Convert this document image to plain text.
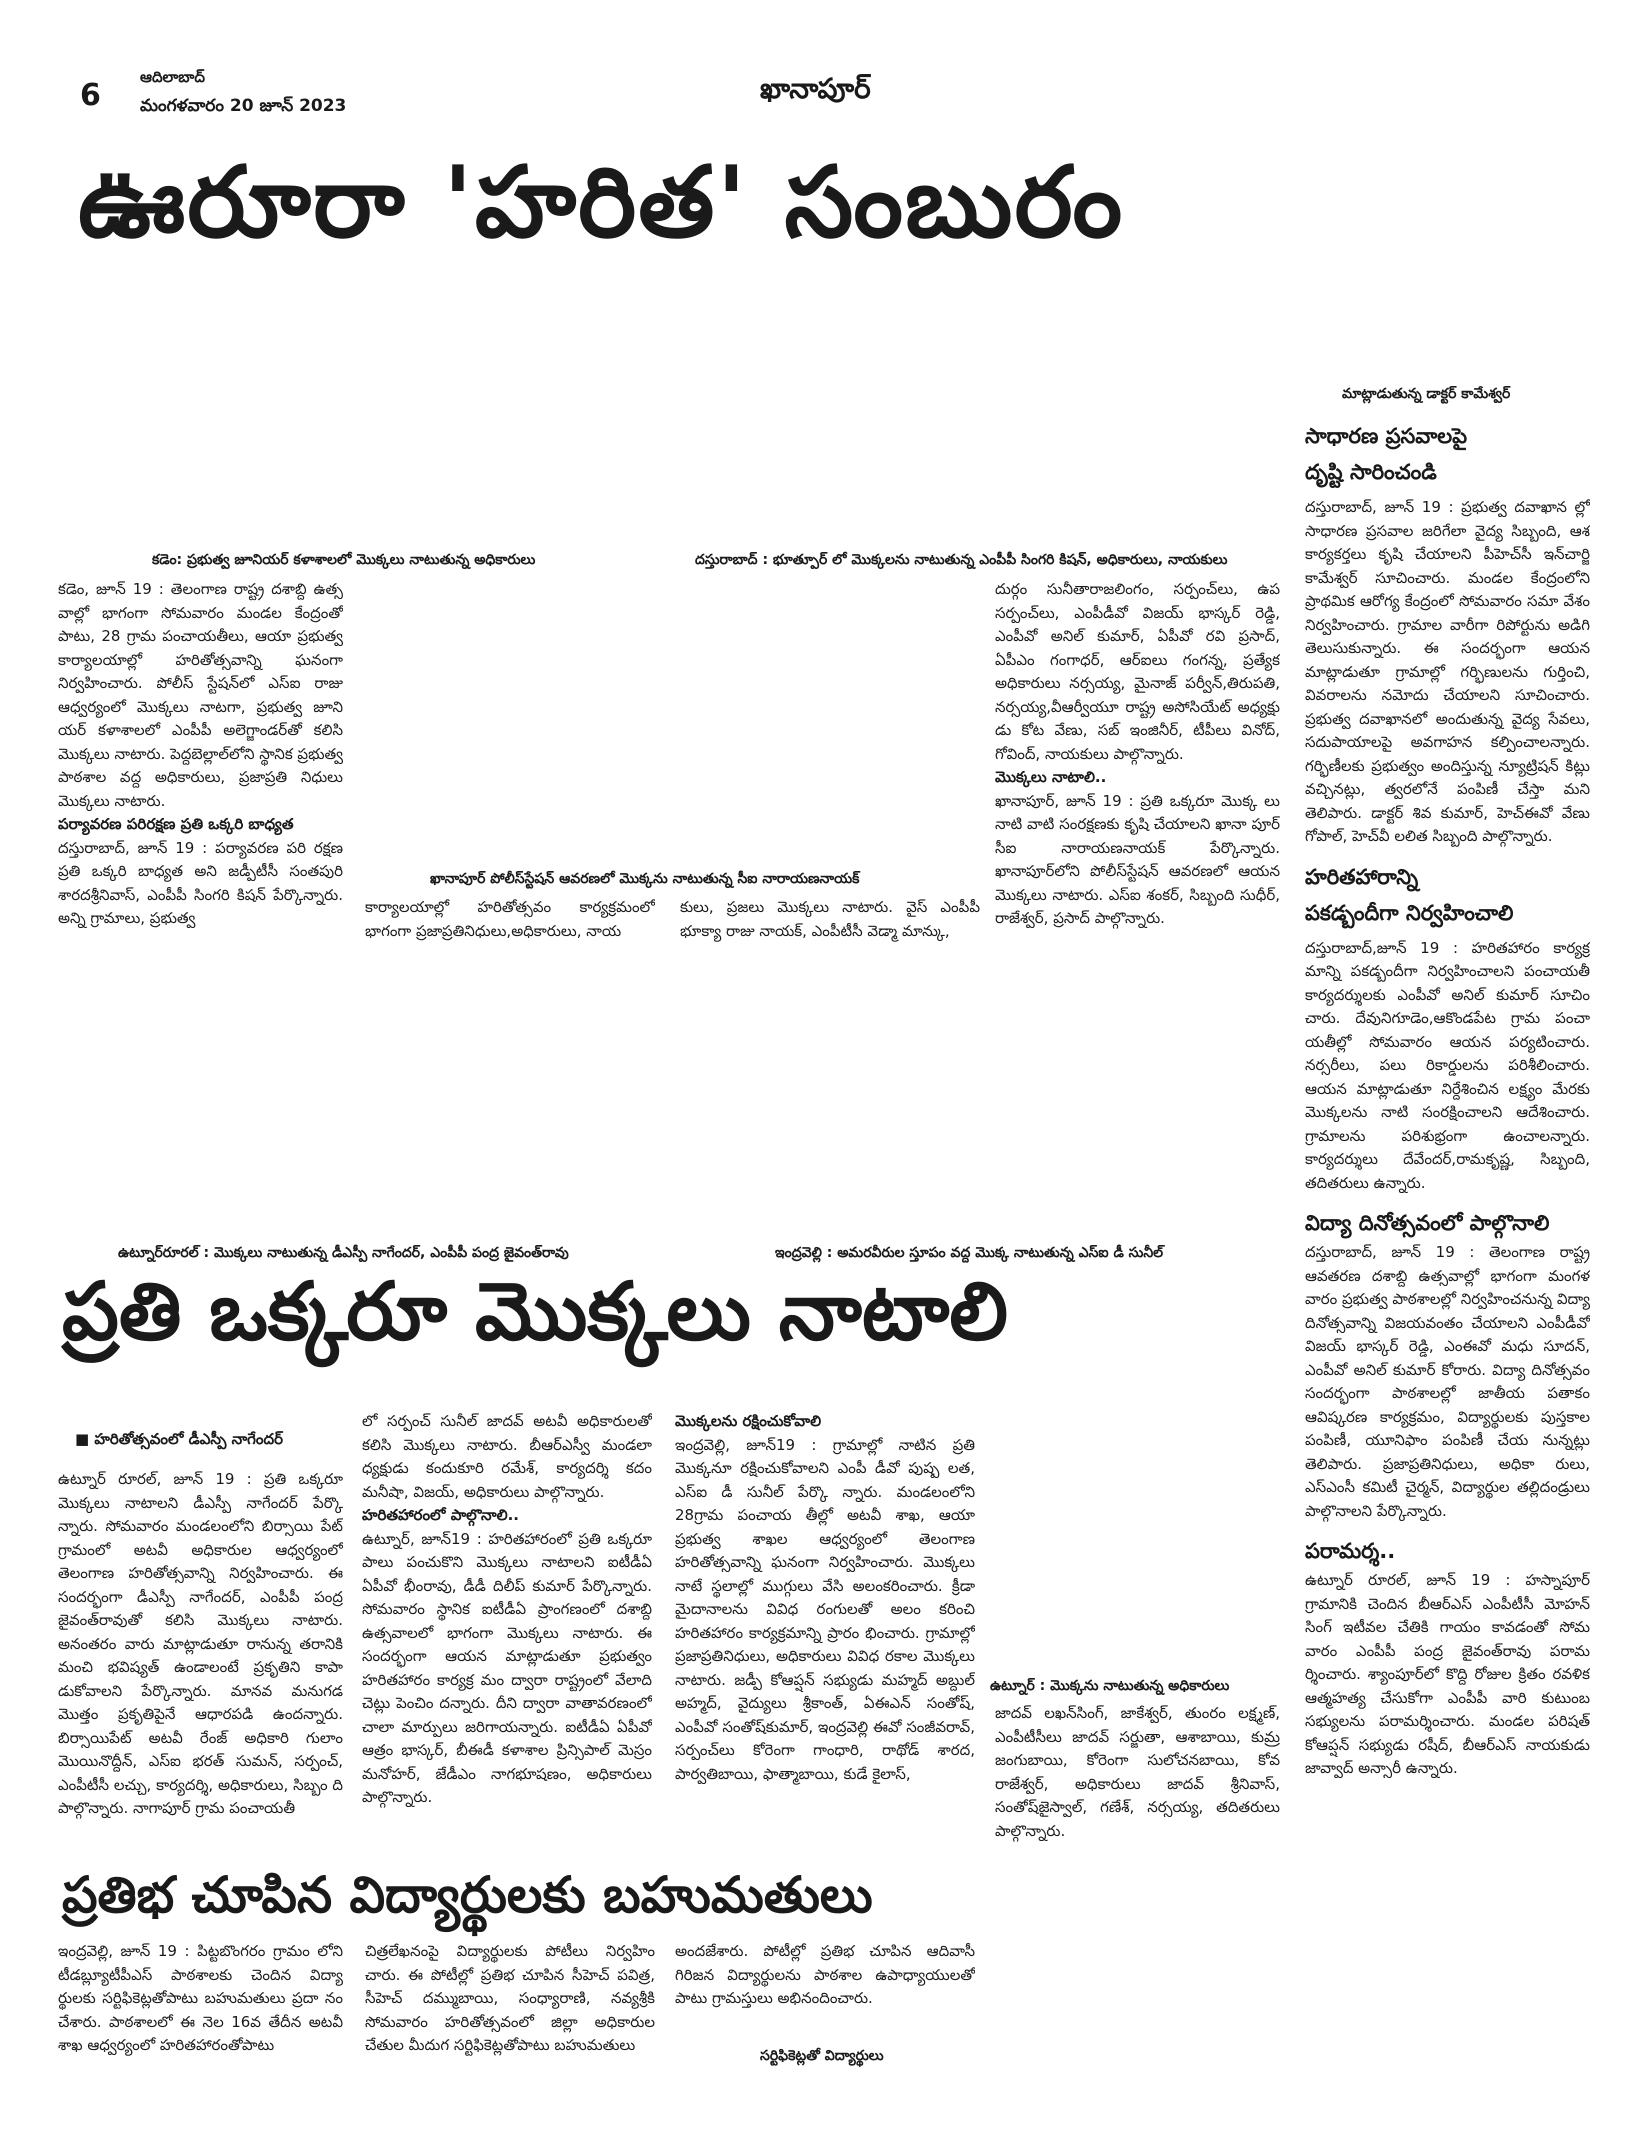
6
ఆదిలాబాద్
మంగళవారం 20 జూన్ 2023
ఖానాపూర్
ఊరూరా 'హరిత' సంబురం
మాట్లాడుతున్న డాక్టర్ కామేశ్వర్
కడెం: ప్రభుత్వ జూనియర్ కళాశాలలో మొక్కలు నాటుతున్న అధికారులు	దస్తురాబాద్ : భూత్పూర్ లో మొక్కలను నాటుతున్న ఎంపీపీ సింగరి కిషన్, అధికారులు, నాయకులు
ఖానాపూర్ పోలీస్‌స్టేషన్ ఆవరణలో మొక్కను నాటుతున్న సీఐ నారాయణనాయక్
కడెం, జూన్ 19 : తెలంగాణ రాష్ట్ర దశాబ్ది ఉత్స వాల్లో భాగంగా సోమవారం మండల కేంద్రంతో పాటు, 28 గ్రామ పంచాయతీలు, ఆయా ప్రభుత్వ కార్యాలయాల్లో హరితోత్సవాన్ని ఘనంగా నిర్వహించారు. పోలీస్ స్టేషన్‌లో ఎస్‌ఐ రాజు ఆధ్వర్యంలో మొక్కలు నాటగా, ప్రభుత్వ జూని యర్ కళాశాలలో ఎంపీపీ అలెగ్జాండర్‌తో కలిసి మొక్కలు నాటారు. పెద్దబెల్లాల్‌లోని స్థానిక ప్రభుత్వ పాఠశాల వద్ద అధికారులు, ప్రజాప్రతి నిధులు మొక్కలు నాటారు.
పర్యావరణ పరిరక్షణ ప్రతి ఒక్కరి బాధ్యత
దస్తురాబాద్, జూన్ 19 : పర్యావరణ పరి రక్షణ ప్రతి ఒక్కరి బాధ్యత అని జడ్పీటీసీ సంతపురి శారదశ్రీనివాస్, ఎంపీపీ సింగరి కిషన్ పేర్కొన్నారు. అన్ని గ్రామాలు, ప్రభుత్వ
కార్యాలయాల్లో హరితోత్సవం కార్యక్రమంలో భాగంగా ప్రజాప్రతినిధులు,అధికారులు, నాయ
కులు, ప్రజలు మొక్కలు నాటారు. వైస్ ఎంపీపీ భూక్యా రాజు నాయక్, ఎంపీటీసీ వెడ్మా మాన్కు,
దుర్గం సునీతారాజలింగం, సర్పంచ్‌లు, ఉప సర్పంచ్‌లు, ఎంపీడీవో విజయ్ భాస్కర్ రెడ్డి, ఎంపీవో అనిల్ కుమార్, ఏపీవో రవి ప్రసాద్, ఏపీఎం గంగాధర్, ఆర్‌ఐలు గంగన్న, ప్రత్యేక అధికారులు నర్సయ్య, మైనాజ్ పర్వీన్,తిరుపతి, నర్సయ్య,వీఆర్వీయూ రాష్ట్ర అసోసియేట్ అధ్యక్షు డు కోట వేణు, సబ్ ఇంజినీర్, టీపీలు వినోద్, గోవింద్, నాయకులు పాల్గొన్నారు.
మొక్కలు నాటాలి..
ఖానాపూర్, జూన్ 19 : ప్రతి ఒక్కరూ మొక్క లు నాటి వాటి సంరక్షణకు కృషి చేయాలని ఖానా పూర్ సీఐ నారాయణనాయక్ పేర్కొన్నారు. ఖానాపూర్‌లోని పోలీస్‌స్టేషన్ ఆవరణలో ఆయన మొక్కలు నాటారు. ఎస్‌ఐ శంకర్, సిబ్బంది సుధీర్, రాజేశ్వర్, ప్రసాద్ పాల్గొన్నారు.
సాధారణ ప్రసవాలపై
దృష్టి సారించండి
దస్తురాబాద్, జూన్ 19 : ప్రభుత్వ దవాఖాన ల్లో సాధారణ ప్రసవాల జరిగేలా వైద్య సిబ్బంది, ఆశ కార్యకర్తలు కృషి చేయాలని పీహెచ్‌సీ ఇన్‌చార్జి కామేశ్వర్ సూచించారు. మండల కేంద్రంలోని ప్రాథమిక ఆరోగ్య కేంద్రంలో సోమవారం సమా వేశం నిర్వహించారు. గ్రామాల వారీగా రిపోర్టును అడిగి తెలుసుకున్నారు. ఈ సందర్భంగా ఆయన మాట్లాడుతూ గ్రామాల్లో గర్భిణులను గుర్తించి, వివరాలను నమోదు చేయాలని సూచించారు. ప్రభుత్వ దవాఖానలో అందుతున్న వైద్య సేవలు, సదుపాయాలపై అవగాహన కల్పించాలన్నారు. గర్భిణీలకు ప్రభుత్వం అందిస్తున్న న్యూట్రిషన్ కిట్లు వచ్చినట్లు, త్వరలోనే పంపిణీ చేస్తా మని తెలిపారు. డాక్టర్ శివ కుమార్, హెచ్‌ఈవో వేణు గోపాల్, హెచ్‌వీ లలిత సిబ్బంది పాల్గొన్నారు.
హరితహారాన్ని
పకడ్బందీగా నిర్వహించాలి
దస్తురాబాద్,జూన్ 19 : హరితహారం కార్యక్ర మాన్ని పకడ్బందీగా నిర్వహించాలని పంచాయతీ కార్యదర్శులకు ఎంపీవో అనిల్ కుమార్ సూచిం చారు. దేవునిగూడెం,ఆకొండపేట గ్రామ పంచా యతీల్లో సోమవారం ఆయన పర్యటించారు. నర్సరీలు, పలు రికార్డులను పరిశీలించారు. ఆయన మాట్లాడుతూ నిర్దేశించిన లక్ష్యం మేరకు మొక్కలను నాటి సంరక్షించాలని ఆదేశించారు. గ్రామాలను పరిశుభ్రంగా ఉంచాలన్నారు. కార్యదర్శులు దేవేందర్,రామకృష్ణ, సిబ్బంది, తదితరులు ఉన్నారు.
విద్యా దినోత్సవంలో పాల్గొనాలి
దస్తురాబాద్, జూన్ 19 : తెలంగాణ రాష్ట్ర ఆవతరణ దశాబ్ది ఉత్సవాల్లో భాగంగా మంగళ వారం ప్రభుత్వ పాఠశాలల్లో నిర్వహించనున్న విద్యా దినోత్సవాన్ని విజయవంతం చేయాలని ఎంపీడీవో విజయ్ భాస్కర్ రెడ్డి, ఎంఈవో మధు సూదన్, ఎంపీవో అనిల్ కుమార్ కోరారు. విద్యా దినోత్సవం సందర్భంగా పాఠశాలల్లో జాతీయ పతాకం ఆవిష్కరణ కార్యక్రమం, విద్యార్థులకు పుస్తకాల పంపిణీ, యూనిఫాం పంపిణీ చేయ నున్నట్లు తెలిపారు. ప్రజాప్రతినిధులు, అధికా రులు, ఎస్‌ఎంసీ కమిటీ చైర్మన్, విద్యార్థుల తల్లిదండ్రులు పాల్గొనాలని పేర్కొన్నారు.
పరామర్శ..
ఉట్నూర్ రూరల్, జూన్ 19 : హస్నాపూర్ గ్రామానికి చెందిన బీఆర్‌ఎస్ ఎంపీటీసీ మోహన్ సింగ్ ఇటీవల చేతికి గాయం కావడంతో సోమ వారం ఎంపీపీ పంద్ర జైవంత్‌రావు పరామ ర్శించారు. శ్యాంపూర్‌లో కొద్ది రోజుల క్రితం రవళిక ఆత్మహత్య చేసుకోగా ఎంపీపీ వారి కుటుంబ సభ్యులను పరామర్శించారు. మండల పరిషత్ కోఆప్షన్ సభ్యుడు రషీద్, బీఆర్‌ఎస్ నాయకుడు జావ్వాద్ అన్సారీ ఉన్నారు.
ఉట్నూర్‌రూరల్ : మొక్కలు నాటుతున్న డీఎస్పీ నాగేందర్, ఎంపీపీ పంద్ర జైవంత్‌రావు	ఇంద్రవెల్లి : అమరవీరుల స్తూపం వద్ద మొక్క నాటుతున్న ఎస్‌ఐ డీ సునీల్
ప్రతి ఒక్కరూ మొక్కలు నాటాలి
■ హరితోత్సవంలో డీఎస్పీ నాగేందర్
ఉట్నూర్ రూరల్, జూన్ 19 : ప్రతి ఒక్కరూ మొక్కలు నాటాలని డీఎస్పీ నాగేందర్ పేర్కొ న్నారు. సోమవారం మండలంలోని బిర్సాయి పేట్ గ్రామంలో అటవీ అధికారుల ఆధ్వర్యంలో తెలంగాణ హరితోత్సవాన్ని నిర్వహించారు. ఈ సందర్భంగా డీఎస్పీ నాగేందర్, ఎంపీపీ పంద్ర జైవంత్‌రావుతో కలిసి మొక్కలు నాటారు. అనంతరం వారు మాట్లాడుతూ రానున్న తరానికి మంచి భవిష్యత్ ఉండాలంటే ప్రకృతిని కాపా డుకోవాలని పేర్కొన్నారు. మానవ మనుగడ మొత్తం ప్రకృతిపైనే ఆధారపడి ఉందన్నారు. బిర్సాయిపేట్ అటవీ రేంజ్ అధికారి గులాం మొయినొద్దీన్, ఎస్‌ఐ భరత్ సుమన్, సర్పంచ్, ఎంపీటీసీ లచ్చు, కార్యదర్శి, అధికారులు, సిబ్బం ది పాల్గొన్నారు. నాగాపూర్ గ్రామ పంచాయతీ
లో సర్పంచ్ సునీల్ జాదవ్ అటవీ అధికారులతో కలిసి మొక్కలు నాటారు. బీఆర్ఎస్వీ మండలా ధ్యక్షుడు కందుకూరి రమేశ్, కార్యదర్శి కదం మనీషా, విజయ్, అధికారులు పాల్గొన్నారు.
హరితహారంలో పాల్గొనాలి..
ఉట్నూర్, జూన్19 : హరితహారంలో ప్రతి ఒక్కరూ పాలు పంచుకొని మొక్కలు నాటాలని ఐటీడీఏ ఏపీవో భీంరావు, డీడీ దిలీప్ కుమార్ పేర్కొన్నారు. సోమవారం స్థానిక ఐటీడీఏ ప్రాంగణంలో దశాబ్ది ఉత్సవాలలో భాగంగా మొక్కలు నాటారు. ఈ సందర్భంగా ఆయన మాట్లాడుతూ ప్రభుత్వం హరితహారం కార్యక్ర మం ద్వారా రాష్ట్రంలో వేలాది చెట్లు పెంచిం దన్నారు. దీని ద్వారా వాతావరణంలో చాలా మార్పులు జరిగాయన్నారు. ఐటీడీఏ ఏపీవో ఆత్రం భాస్కర్, బీఈడీ కళాశాల ప్రిన్సిపాల్ మెస్రం మనోహర్, జేడీఎం నాగభూషణం, అధికారులు పాల్గొన్నారు.
మొక్కలను రక్షించుకోవాలి
ఇంద్రవెల్లి, జూన్19 : గ్రామాల్లో నాటిన ప్రతి మొక్కనూ రక్షించుకోవాలని ఎంపీ డీవో పుష్ప లత, ఎస్‌ఐ డీ సునీల్ పేర్కొ న్నారు. మండలంలోని 28గ్రామ పంచాయ తీల్లో అటవీ శాఖ, ఆయా ప్రభుత్వ శాఖల ఆధ్వర్యంలో తెలంగాణ హరితోత్సవాన్ని ఘనంగా నిర్వహించారు. మొక్కలు నాటే స్థలాల్లో ముగ్గులు వేసి అలంకరించారు. క్రీడా మైదానాలను వివిధ రంగులతో అలం కరించి హరితహారం కార్యక్రమాన్ని ప్రారం భించారు. గ్రామాల్లో ప్రజాప్రతినిధులు, అధికారులు వివిధ రకాల మొక్కలు నాటారు. జడ్పీ కోఆప్షన్ సభ్యుడు మహ్మద్ అబ్దుల్ అహ్మద్, వైద్యులు శ్రీకాంత్, ఏఈఎన్ సంతోష్, ఎంపీవో సంతోష్‌కుమార్, ఇంద్రవెల్లి ఈవో సంజీవరావ్, సర్పంచ్‌లు కోరెంగా గాంధారి, రాథోడ్ శారద, పార్వతిబాయి, ఫాత్మాబాయి, కుడే కైలాస్,
ఉట్నూర్ : మొక్కను నాటుతున్న అధికారులు
జాదవ్ లఖన్‌సింగ్, జాకేశ్వర్, తుంరం లక్ష్మణ్, ఎంపీటీసీలు జాదవ్ సర్జుతా, ఆశాబాయి, కుమ్ర జంగుబాయి, కోరెంగా సులోచనబాయి, కోవ రాజేశ్వర్, అధికారులు జాదవ్ శ్రీనివాస్, సంతోష్‌జైస్వాల్, గణేశ్, నర్సయ్య, తదితరులు పాల్గొన్నారు.
ప్రతిభ చూపిన విద్యార్థులకు బహుమతులు
ఇంద్రవెల్లి, జూన్ 19 : పిట్టబొంగరం గ్రామం లోని టీడబ్ల్యూటీపీఎస్ పాఠశాలకు చెందిన విద్యా ర్థులకు సర్టిఫికెట్లతోపాటు బహుమతులు ప్రదా నం చేశారు. పాఠశాలలో ఈ నెల 16వ తేదీన అటవీ శాఖ ఆధ్వర్యంలో హరితహారంతోపాటు
చిత్రలేఖనంపై విద్యార్థులకు పోటీలు నిర్వహిం చారు. ఈ పోటీల్లో ప్రతిభ చూపిన సీహెచ్ పవిత్ర, సీహెచ్ దమ్ముబాయి, సంధ్యారాణి, నవ్యశ్రీకి సోమవారం హరితోత్సవంలో జిల్లా అధికారుల చేతుల మీదుగ సర్టిఫికెట్లతోపాటు బహుమతులు
అందజేశారు. పోటీల్లో ప్రతిభ చూపిన ఆదివాసీ గిరిజన విద్యార్థులను పాఠశాల ఉపాధ్యాయులతో పాటు గ్రామస్తులు అభినందించారు.
సర్టిఫికెట్లతో విద్యార్థులు
